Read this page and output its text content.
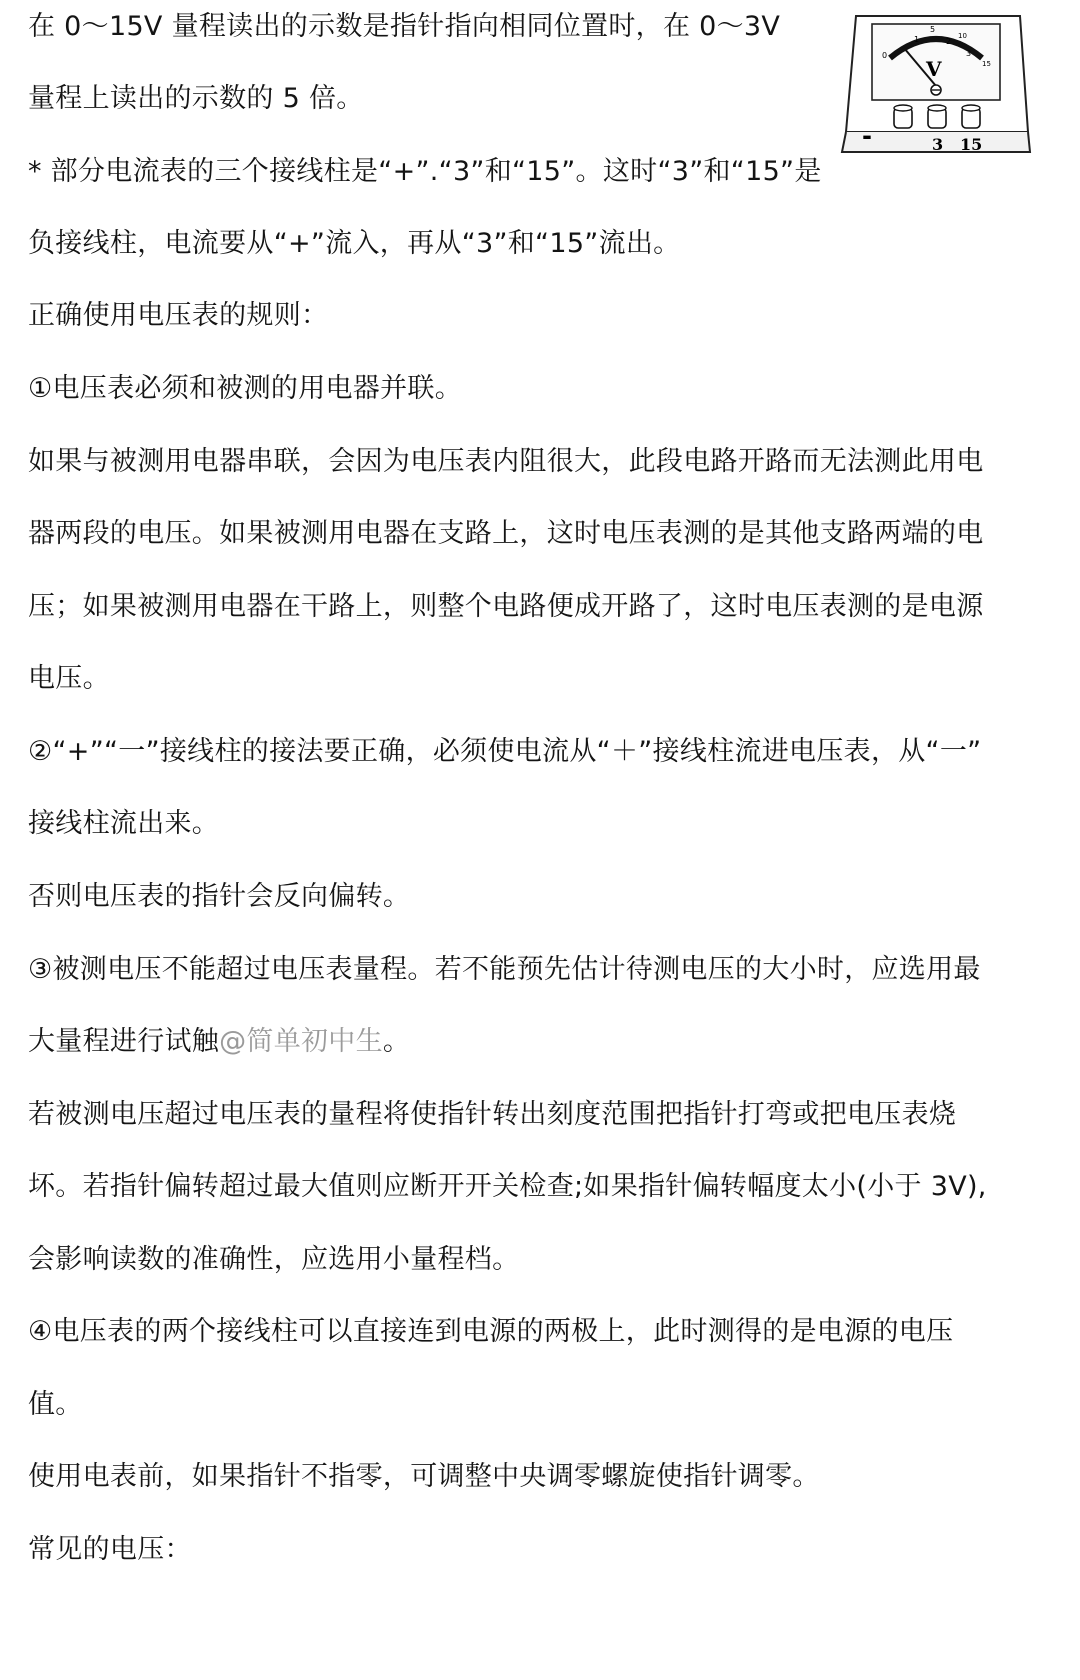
0
1	2
3
5
10
15
V
-	3 15
在 0～15V 量程读出的示数是指针指向相同位置时，在 0～3V
量程上读出的示数的 5 倍。
* 部分电流表的三个接线柱是“+”.“3”和“15”。这时“3”和“15”是
负接线柱，电流要从“+”流入，再从“3”和“15”流出。
正确使用电压表的规则：
①电压表必须和被测的用电器并联。
如果与被测用电器串联，会因为电压表内阻很大，此段电路开路而无法测此用电
器两段的电压。如果被测用电器在支路上，这时电压表测的是其他支路两端的电
压；如果被测用电器在干路上，则整个电路便成开路了，这时电压表测的是电源
电压。
②“+”“一”接线柱的接法要正确，必须使电流从“＋”接线柱流进电压表，从“一”
接线柱流出来。
否则电压表的指针会反向偏转。
③被测电压不能超过电压表量程。若不能预先估计待测电压的大小时，应选用最
大量程进行试触@简单初中生。
若被测电压超过电压表的量程将使指针转出刻度范围把指针打弯或把电压表烧
坏。若指针偏转超过最大值则应断开开关检查;如果指针偏转幅度太小(小于 3V),
会影响读数的准确性，应选用小量程档。
④电压表的两个接线柱可以直接连到电源的两极上，此时测得的是电源的电压
值。
使用电表前，如果指针不指零，可调整中央调零螺旋使指针调零。
常见的电压：
